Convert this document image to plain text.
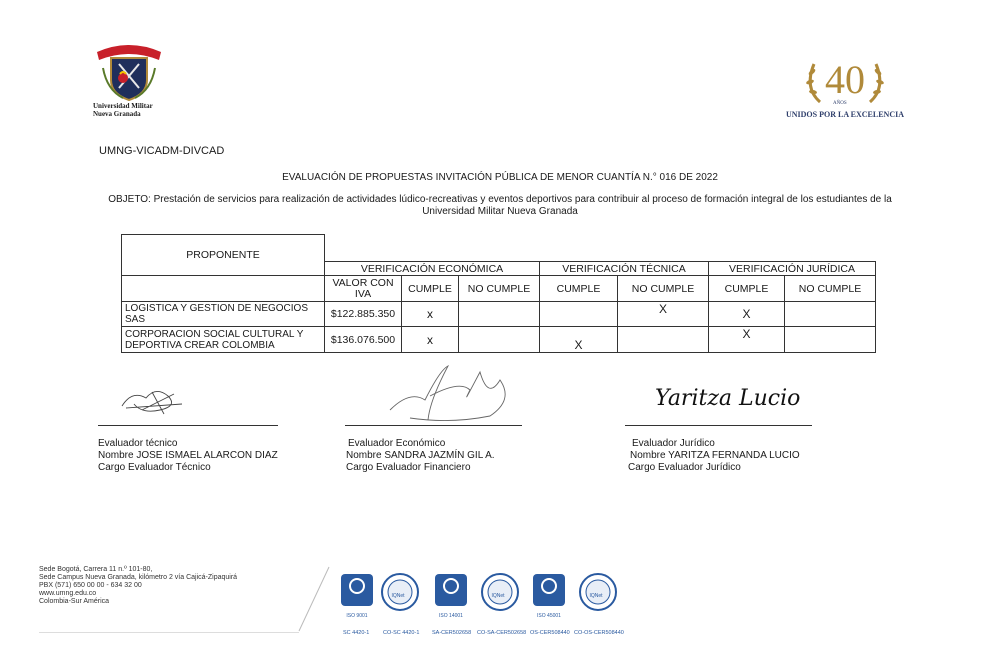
Universidad Militar
Nueva Granada
40
AÑOS
UNIDOS POR LA EXCELENCIA
UMNG-VICADM-DIVCAD
EVALUACIÓN DE PROPUESTAS INVITACIÓN PÚBLICA DE MENOR CUANTÍA N.° 016 DE 2022
OBJETO: Prestación de servicios para realización de actividades lúdico-recreativas y eventos deportivos para contribuir al proceso de formación integral de los estudiantes de la Universidad Militar Nueva Granada
PROPONENTE							
	VERIFICACIÓN ECONÓMICA			VERIFICACIÓN TÉCNICA		VERIFICACIÓN JURÍDICA	
	VALOR CON IVA	CUMPLE	NO CUMPLE	CUMPLE	NO CUMPLE	CUMPLE	NO CUMPLE
LOGISTICA Y GESTION DE NEGOCIOS SAS	$122.885.350	x			X	X	
CORPORACION SOCIAL CULTURAL Y DEPORTIVA CREAR COLOMBIA	$136.076.500	x		X		X	
Yaritza Lucio
Evaluador técnico
Nombre JOSE ISMAEL ALARCON DIAZ
Cargo Evaluador Técnico
Evaluador Económico
Nombre SANDRA JAZMÍN GIL A.
Cargo Evaluador Financiero
Evaluador Jurídico
Nombre YARITZA FERNANDA LUCIO
Cargo Evaluador Jurídico
Sede Bogotá, Carrera 11 n.º 101-80,
Sede Campus Nueva Granada, kilómetro 2 vía Cajicá-Zipaquirá
PBX (571) 650 00 00 - 634 32 00
www.umng.edu.co
Colombia-Sur América
ISO 9001
SC 4420-1
IQNet
CO-SC 4420-1
ISO 14001
SA-CER502658
IQNet
CO-SA-CER502658
ISO 45001
OS-CER508440
IQNet
CO-OS-CER508440
